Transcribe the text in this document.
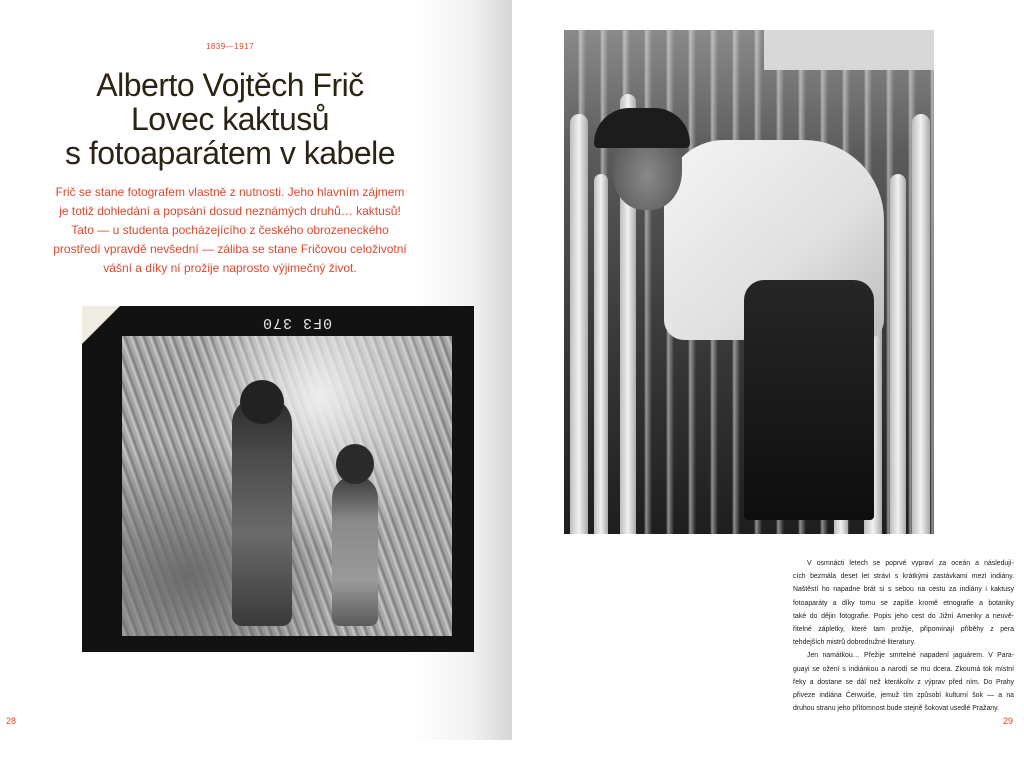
1839—1917
Alberto Vojtěch Frič
Lovec kaktusů
s fotoaparátem v kabele

Frič se stane fotografem vlastně z nutnosti. Jeho hlavním zájmem
je totiž dohledání a popsání dosud neznámých druhů… kaktusů!
Tato — u studenta pocházejícího z českého obrozeneckého
prostředí vpravdě nevšední — záliba se stane Fričovou celoživotní
vášní a díky ní prožije naprosto výjimečný život.

0F3 370
28
V osmnácti letech se poprvé vypraví za oceán a následují-
cích bezmála deset let stráví s krátkými zastávkami mezi indiány.
Naštěstí ho napadne brát si s sebou na cestu za indiány i kaktusy
fotoaparáty a díky tomu se zapíše kromě etnografie a botaniky
také do dějin fotografie. Popis jeho cest do Jižní Ameriky a neuvě-
řitelné zápletky, které tam prožije, připomínají příběhy z pera
tehdejších mistrů dobrodružné literatury.
Jen namátkou… Přežije smrtelné napadení jaguárem. V Para-
guayi se ožení s indiánkou a narodí se mu dcera. Zkoumá tok místní
řeky a dostane se dál než kterákoliv z výprav před ním. Do Prahy
přiveze indiána Čerwuiše, jemuž tím způsobí kulturní šok — a na
druhou stranu jeho přítomnost bude stejně šokovat usedlé Pražany.
29
